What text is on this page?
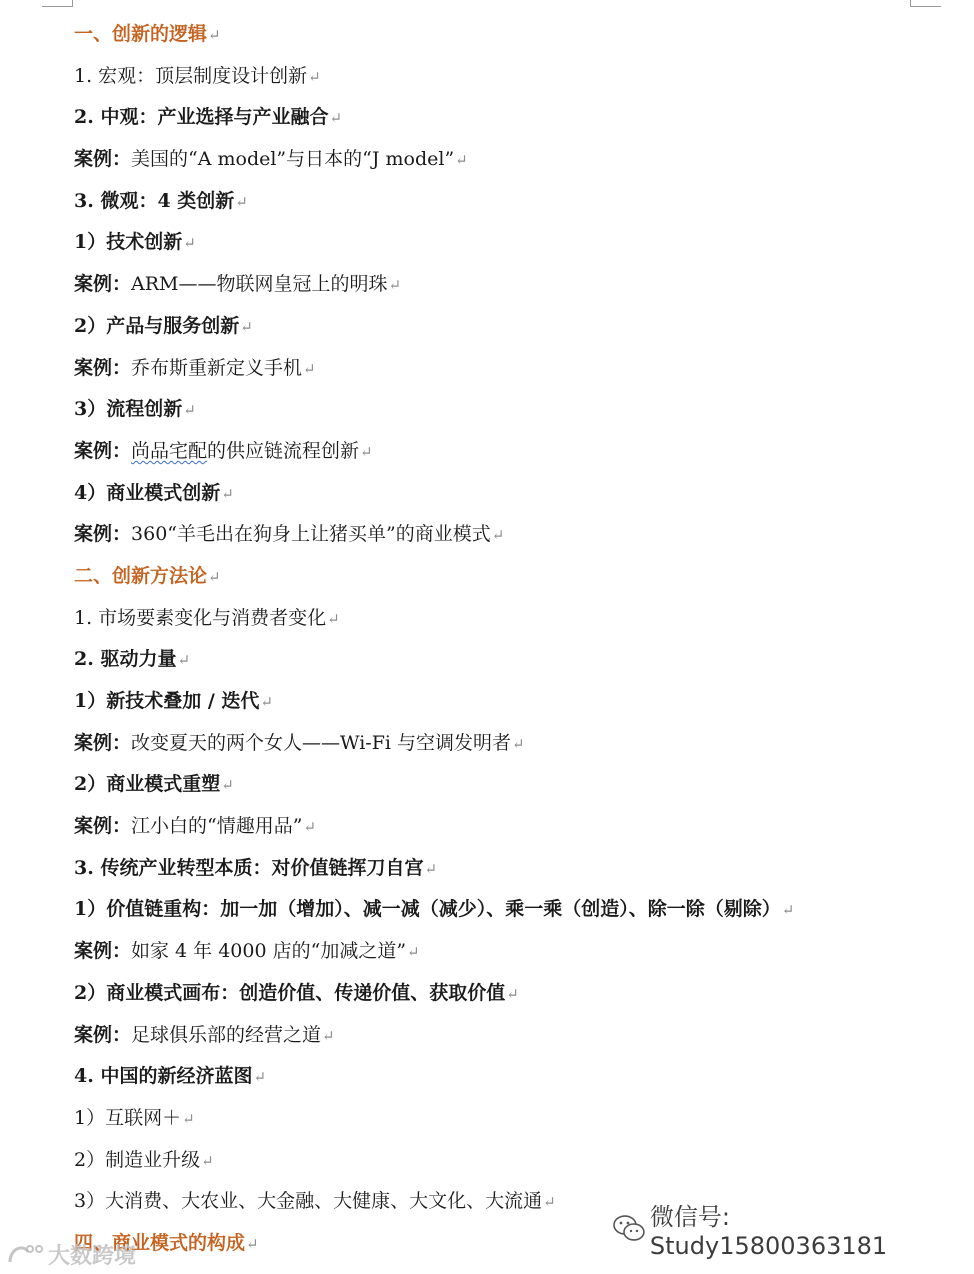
一、创新的逻辑↵
1. 宏观：顶层制度设计创新↵
2. 中观：产业选择与产业融合↵
案例：美国的“A model”与日本的“J model”↵
3. 微观：4 类创新↵
1）技术创新↵
案例：ARM——物联网皇冠上的明珠↵
2）产品与服务创新↵
案例：乔布斯重新定义手机↵
3）流程创新↵
案例：尚品宅配的供应链流程创新↵
4）商业模式创新↵
案例：360“羊毛出在狗身上让猪买单”的商业模式↵
二、创新方法论↵
1. 市场要素变化与消费者变化↵
2. 驱动力量↵
1）新技术叠加 / 迭代↵
案例：改变夏天的两个女人——Wi-Fi 与空调发明者↵
2）商业模式重塑↵
案例：江小白的“情趣用品”↵
3. 传统产业转型本质：对价值链挥刀自宫↵
1）价值链重构：加一加（增加）、减一减（减少）、乘一乘（创造）、除一除（剔除）↵
案例：如家 4 年 4000 店的“加减之道”↵
2）商业模式画布：创造价值、传递价值、获取价值↵
案例：足球俱乐部的经营之道↵
4. 中国的新经济蓝图↵
1）互联网＋↵
2）制造业升级↵
3）大消费、大农业、大金融、大健康、大文化、大流通↵
四、商业模式的构成↵
微信号: Study15800363181
大数跨境
